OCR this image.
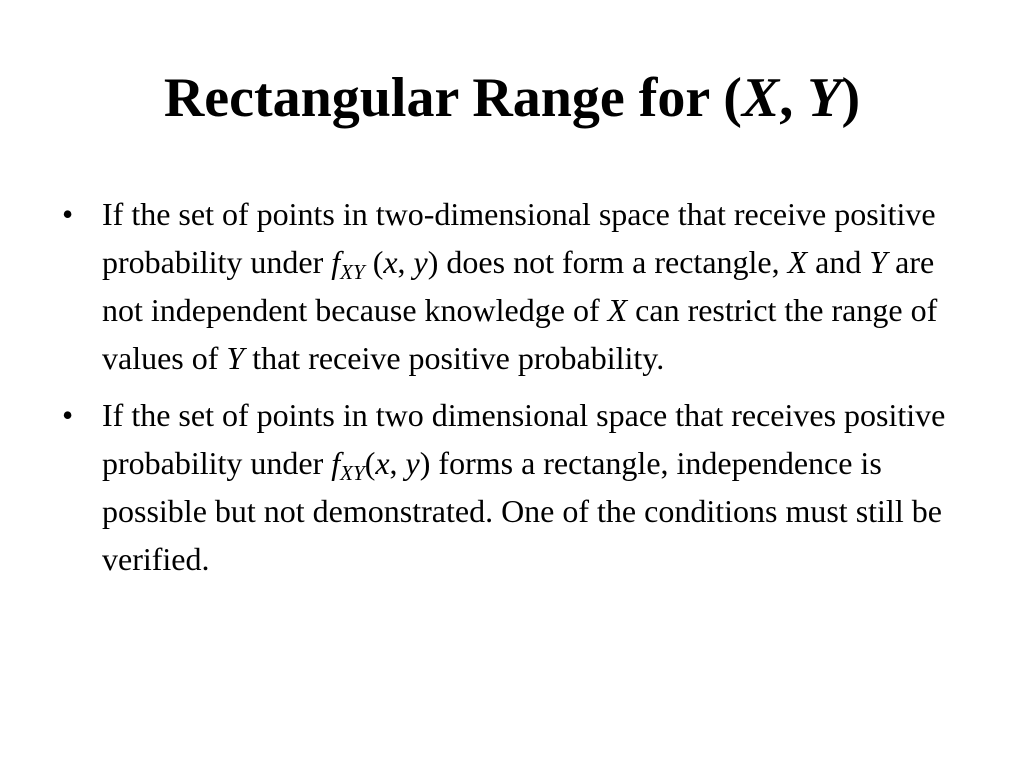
Rectangular Range for (X, Y)
• If the set of points in two-dimensional space that receive positive probability under $f_{XY}$ (x, y) does not form a rectangle, X and Y are not independent because knowledge of X can restrict the range of values of Y that receive positive probability.
• If the set of points in two dimensional space that receives positive probability under $f_{XY}(x$, y) forms a rectangle, independence is possible but not demonstrated. One of the conditions must still be verified.
